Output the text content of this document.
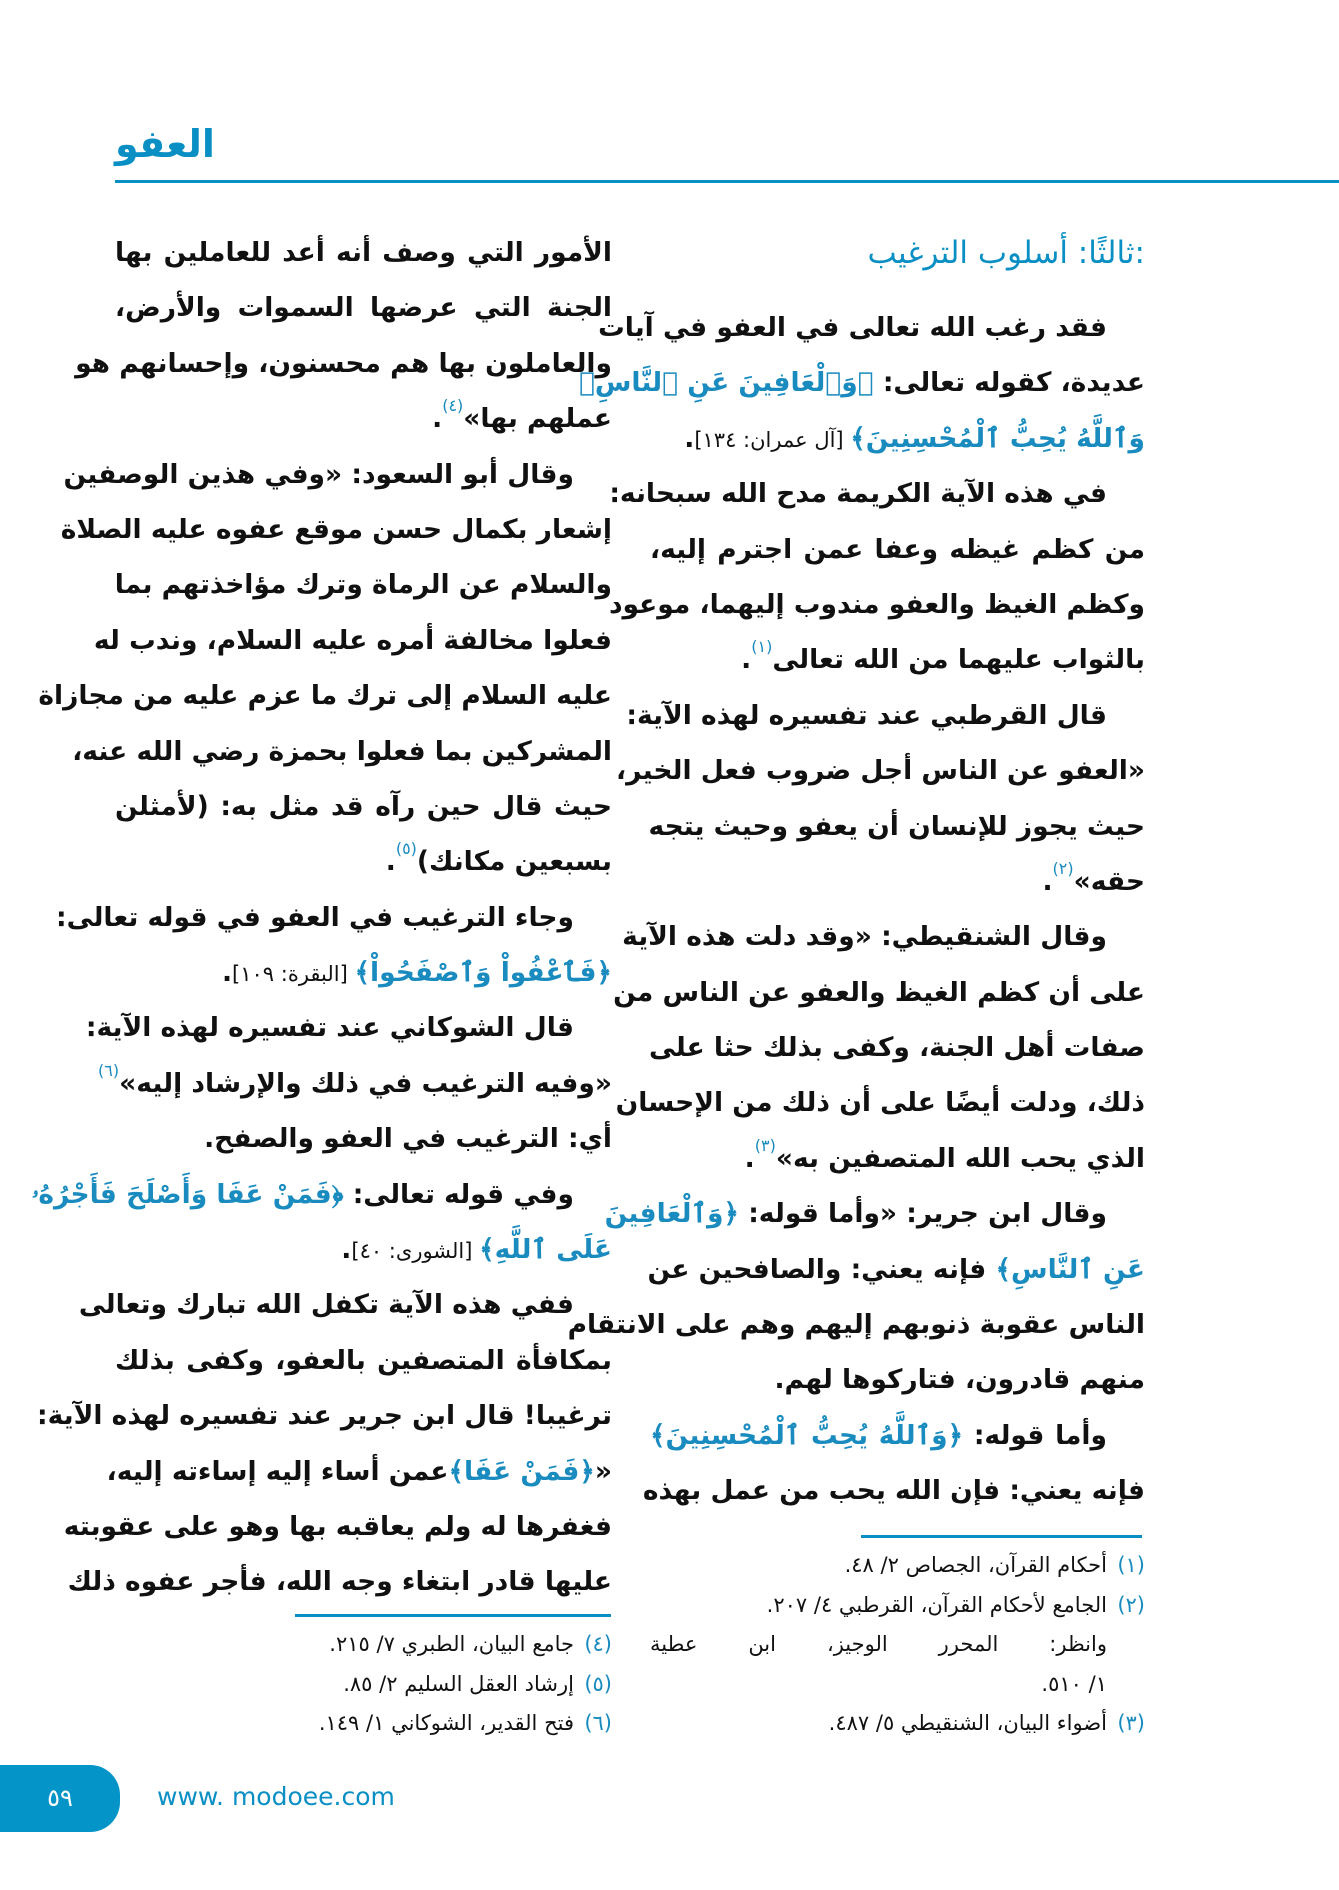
العفو
ثالثًا: أسلوب الترغيب:
فقد رغب الله تعالى في العفو في آيات
عديدة، كقوله تعالى: ﴿وَٱلْعَافِينَ عَنِ ٱلنَّاسِۗ
وَٱللَّهُ يُحِبُّ ٱلْمُحْسِنِينَ﴾ [آل عمران: ١٣٤].
في هذه الآية الكريمة مدح الله سبحانه:
من كظم غيظه وعفا عمن اجترم إليه،
وكظم الغيظ والعفو مندوب إليهما، موعود
بالثواب عليهما من الله تعالى$^{(١)}$.
قال القرطبي عند تفسيره لهذه الآية:
«العفو عن الناس أجل ضروب فعل الخير،
حيث يجوز للإنسان أن يعفو وحيث يتجه
حقه»$^{(٢)}$.
وقال الشنقيطي: «وقد دلت هذه الآية
على أن كظم الغيظ والعفو عن الناس من
صفات أهل الجنة، وكفى بذلك حثا على
ذلك، ودلت أيضًا على أن ذلك من الإحسان
الذي يحب الله المتصفين به»$^{(٣)}$.
وقال ابن جرير: «وأما قوله: ﴿وَٱلْعَافِينَ
عَنِ ٱلنَّاسِ﴾ فإنه يعني: والصافحين عن
الناس عقوبة ذنوبهم إليهم وهم على الانتقام
منهم قادرون، فتاركوها لهم.
وأما قوله: ﴿وَٱللَّهُ يُحِبُّ ٱلْمُحْسِنِينَ﴾
فإنه يعني: فإن الله يحب من عمل بهذه
الأمور التي وصف أنه أعد للعاملين بها
الجنة التي عرضها السموات والأرض،
والعاملون بها هم محسنون، وإحسانهم هو
عملهم بها»$^{(٤)}$.
وقال أبو السعود: «وفي هذين الوصفين
إشعار بكمال حسن موقع عفوه عليه الصلاة
والسلام عن الرماة وترك مؤاخذتهم بما
فعلوا مخالفة أمره عليه السلام، وندب له
عليه السلام إلى ترك ما عزم عليه من مجازاة
المشركين بما فعلوا بحمزة رضي الله عنه،
حيث قال حين رآه قد مثل به: (لأمثلن
بسبعين مكانك)$^{(٥)}$.
وجاء الترغيب في العفو في قوله تعالى:
﴿فَٱعْفُواْ وَٱصْفَحُواْ﴾ [البقرة: ١٠٩].
قال الشوكاني عند تفسيره لهذه الآية:
«وفيه الترغيب في ذلك والإرشاد إليه»$^{(٦)}$
أي: الترغيب في العفو والصفح.
وفي قوله تعالى: ﴿فَمَنْ عَفَا وَأَصْلَحَ فَأَجْرُهُۥ
عَلَى ٱللَّهِ﴾ [الشورى: ٤٠].
ففي هذه الآية تكفل الله تبارك وتعالى
بمكافأة المتصفين بالعفو، وكفى بذلك
ترغيبا! قال ابن جرير عند تفسيره لهذه الآية:
«﴿فَمَنْ عَفَا﴾عمن أساء إليه إساءته إليه،
فغفرها له ولم يعاقبه بها وهو على عقوبته
عليها قادر ابتغاء وجه الله، فأجر عفوه ذلك
(١)أحكام القرآن، الجصاص ٢/ ٤٨.
(٢)الجامع لأحكام القرآن، القرطبي ٤/ ٢٠٧.
وانظر: المحرر الوجيز، ابن عطية
١/ ٥١٠.
(٣)أضواء البيان، الشنقيطي ٥/ ٤٨٧.
(٤)جامع البيان، الطبري ٧/ ٢١٥.
(٥)إرشاد العقل السليم ٢/ ٨٥.
(٦)فتح القدير، الشوكاني ١/ ١٤٩.
٥٩	www. modoee.com
